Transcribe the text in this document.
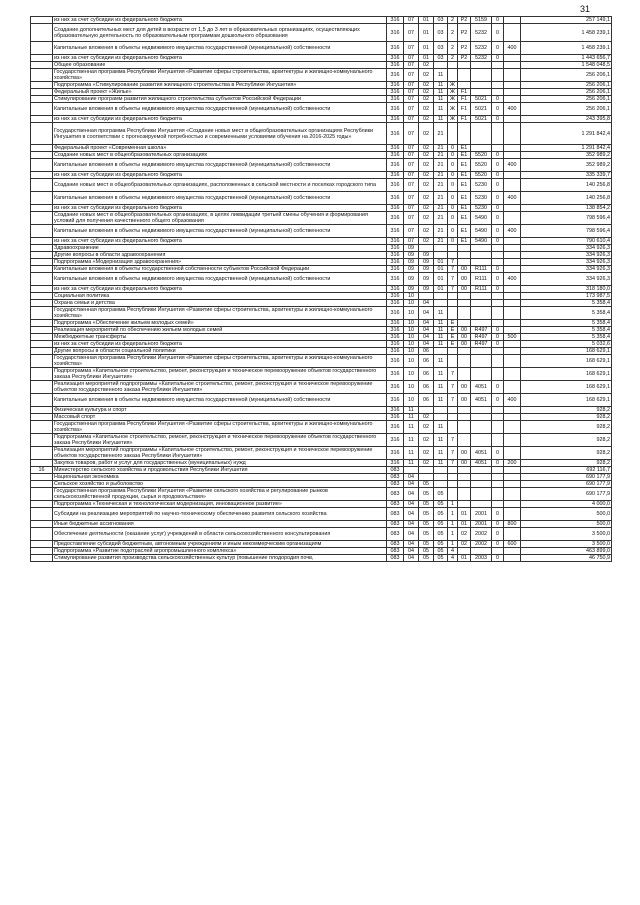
31
	из них за счет субсидии из федерального бюджета	316	07	01	03	2	P2	5159	0		257 149,1
	Создание дополнительных мест для детей в возрасте от 1,5 до 3 лет в образовательных организациях, осуществляющих образовательную деятельность по образовательным программам дошкольного образования	316	07	01	03	2	P2	5232	0		1 458 239,1
	Капитальные вложения в объекты недвижимого имущества государственной (муниципальной) собственности	316	07	01	03	2	P2	5232	0	400	1 458 239,1
	из них за счет субсидии из федерального бюджета	316	07	01	03	2	P2	5232	0		1 443 656,7
	Общее образование	316	07	02							1 548 048,5
	Государственная программа Республики Ингушетия «Развитие сферы строительства, архитектуры и жилищно-коммунального хозяйства»	316	07	02	11						256 206,1
	Подпрограмма «Стимулирование развития жилищного строительства в Республике Ингушетия»	316	07	02	11	Ж					256 206,1
	Федеральный проект «Жилье»	316	07	02	11	Ж	F1				256 206,1
	Стимулирование программ развития жилищного строительства субъектов Российской Федерации	316	07	02	11	Ж	F1	5021	0		256 206,1
	Капитальные вложения в объекты недвижимого имущества государственной (муниципальной) собственности	316	07	02	11	Ж	F1	5021	0	400	256 206,1
	из них за счет субсидии из федерального бюджета	316	07	02	11	Ж	F1	5021	0		243 395,8
	Государственная программа Республики Ингушетия «Создание новых мест в общеобразовательных организациях Республики Ингушетия в соответствии с прогнозируемой потребностью и современными условиями обучения на 2016-2025 годы»	316	07	02	21						1 291 842,4
	Федеральный проект «Современная школа»	316	07	02	21	0	E1				1 291 842,4
	Создание новых мест в общеобразовательных организациях	316	07	02	21	0	E1	5520	0		352 989,2
	Капитальные вложения в объекты недвижимого имущества государственной (муниципальной) собственности	316	07	02	21	0	E1	5520	0	400	352 989,2
	из них за счет субсидии из федерального бюджета	316	07	02	21	0	E1	5520	0		335 339,7
	Создание новых мест в общеобразовательных организациях, расположенных в сельской местности и поселках городского типа	316	07	02	21	0	E1	5230	0		140 256,8
	Капитальные вложения в объекты недвижимого имущества государственной (муниципальной) собственности	316	07	02	21	0	E1	5230	0	400	140 256,8
	из них за счет субсидии из федерального бюджета	316	07	02	21	0	E1	5230	0		138 854,2
	Создание новых мест в общеобразовательных организациях, в целях ликвидации третьей смены обучения и формирования условий для получения качественного общего образования	316	07	02	21	0	E1	5490	0		798 596,4
	Капитальные вложения в объекты недвижимого имущества государственной (муниципальной) собственности	316	07	02	21	0	E1	5490	0	400	798 596,4
	из них за счет субсидии из федерального бюджета	316	07	02	21	0	E1	5490	0		790 610,4
	Здравоохранение	316	09								334 926,3
	Другие вопросы в области здравоохранения	316	09	09							334 926,3
	Подпрограмма «Модернизация здравоохранения»	316	09	09	01	7					334 926,3
	Капитальные вложения в объекты государственной собственности субъектов Российской Федерации	316	09	09	01	7	00	R111	0		334 926,3
	Капитальные вложения в объекты недвижимого имущества государственной (муниципальной) собственности	316	09	09	01	7	00	R111	0	400	334 926,3
	из них за счет субсидии из федерального бюджета	316	09	09	01	7	00	R111	0		318 180,0
	Социальная политика	316	10								173 987,5
	Охрана семьи и детства	316	10	04							5 358,4
	Государственная программа Республики Ингушетия «Развитие сферы строительства, архитектуры и жилищно-коммунального хозяйства»	316	10	04	11						5 358,4
	Подпрограмма «Обеспечение жильем молодых семей»	316	10	04	11	Е					5 358,4
	Реализация мероприятий по обеспечению жильем молодых семей	316	10	04	11	Е	00	R497	0		5 358,4
	Межбюджетные трансферты	316	10	04	11	Е	00	R497	0	500	5 358,4
	из них за счет субсидии из федерального бюджета	316	10	04	11	Е	00	R497	0		5 032,6
	Другие вопросы в области социальной политики	316	10	06							168 629,1
	Государственная программа Республики Ингушетия «Развитие сферы строительства, архитектуры и жилищно-коммунального хозяйства»	316	10	06	11						168 629,1
	Подпрограмма «Капитальное строительство, ремонт, реконструкция и техническое перевооружение объектов государственного заказа Республики Ингушетия»	316	10	06	11	7					168 629,1
	Реализация мероприятий подпрограммы «Капитальное строительство, ремонт, реконструкция и техническое перевооружение объектов государственного заказа Республики Ингушетия»	316	10	06	11	7	00	4051	0		168 629,1
	Капитальные вложения в объекты недвижимого имущества государственной (муниципальной) собственности	316	10	06	11	7	00	4051	0	400	168 629,1
	Физическая культура и спорт	316	11								928,2
	Массовый спорт	316	11	02							928,2
	Государственная программа Республики Ингушетия «Развитие сферы строительства, архитектуры и жилищно-коммунального хозяйства»	316	11	02	11						928,2
	Подпрограмма «Капитальное строительство, ремонт, реконструкция и техническое перевооружение объектов государственного заказа Республики Ингушетия»	316	11	02	11	7					928,2
	Реализация мероприятий подпрограммы «Капитальное строительство, ремонт, реконструкция и техническое перевооружение объектов государственного заказа Республики Ингушетия»	316	11	02	11	7	00	4051	0		928,2
	Закупка товаров, работ и услуг для государственных (муниципальных) нужд	316	11	02	11	7	00	4051	0	200	928,2
16	Министерство сельского хозяйства и продовольствия Республики Ингушетия	083									692 116,7
	Национальная экономика	083	04								690 177,9
	Сельское хозяйство и рыболовство	083	04	05							690 177,9
	Государственная программа Республики Ингушетия «Развитие сельского хозяйства и регулирование рынков сельскохозяйственной продукции, сырья и продовольствия»	083	04	05	05						690 177,9
	Подпрограмма «Техническая и технологическая модернизация, инновационное развитие»	083	04	05	05	1					4 000,0
	Субсидии на реализацию мероприятий по научно-техническому обеспечению развития сельского хозяйства	083	04	05	05	1	01	2001	0		500,0
	Иные бюджетные ассигнования	083	04	05	05	1	01	2001	0	800	500,0
	Обеспечение деятельности (оказание услуг) учреждений в области сельскохозяйственного консультирования	083	04	05	05	1	02	2002	0		3 500,0
	Предоставление субсидий бюджетным, автономным учреждениям и иным некоммерческим организациям	083	04	05	05	1	02	2002	0	600	3 500,0
	Подпрограмма «Развитие подотраслей агропромышленного комплекса»	083	04	05	05	4					463 899,0
	Стимулирование развития производства сельскохозяйственных культур (повышение плодородия почв,	083	04	05	05	4	01	2003	0		46 750,9
